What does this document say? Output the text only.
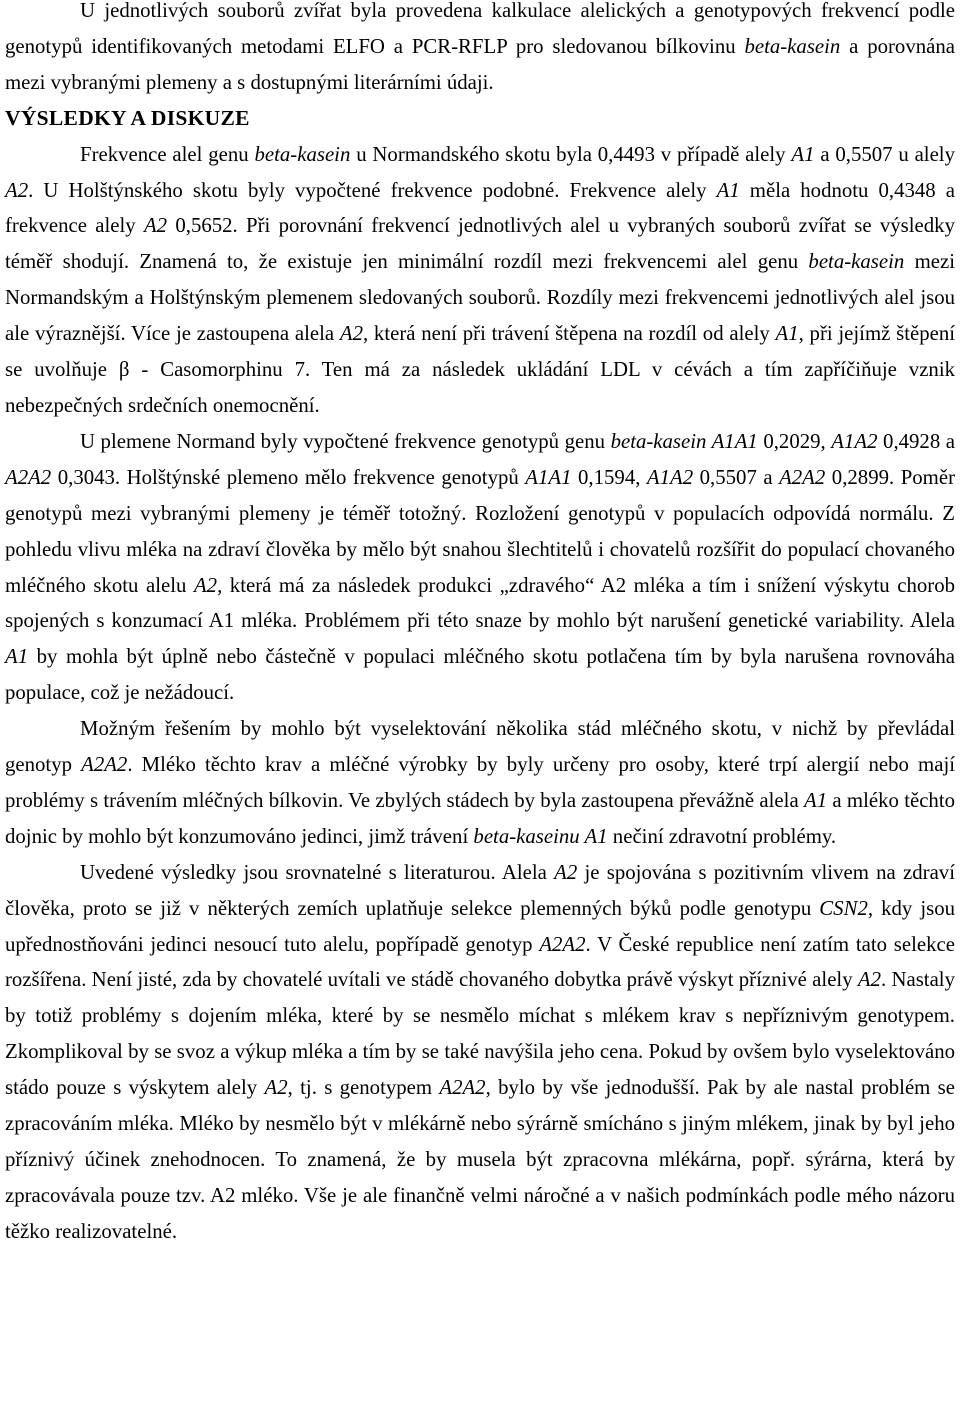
U jednotlivých souborů zvířat byla provedena kalkulace alelických a genotypových frekvencí podle genotypů identifikovaných metodami ELFO a PCR-RFLP pro sledovanou bílkovinu beta-kasein a porovnána mezi vybranými plemeny a s dostupnými literárními údaji.

VÝSLEDKY A DISKUZE

Frekvence alel genu beta-kasein u Normandského skotu byla 0,4493 v případě alely A1 a 0,5507 u alely A2. U Holštýnského skotu byly vypočtené frekvence podobné. Frekvence alely A1 měla hodnotu 0,4348 a frekvence alely A2 0,5652. Při porovnání frekvencí jednotlivých alel u vybraných souborů zvířat se výsledky téměř shodují. Znamená to, že existuje jen minimální rozdíl mezi frekvencemi alel genu beta-kasein mezi Normandským a Holštýnským plemenem sledovaných souborů. Rozdíly mezi frekvencemi jednotlivých alel jsou ale výraznější. Více je zastoupena alela A2, která není při trávení štěpena na rozdíl od alely A1, při jejímž štěpení se uvolňuje β - Casomorphinu 7. Ten má za následek ukládání LDL v cévách a tím zapříčiňuje vznik nebezpečných srdečních onemocnění.

U plemene Normand byly vypočtené frekvence genotypů genu beta-kasein A1A1 0,2029, A1A2 0,4928 a A2A2 0,3043. Holštýnské plemeno mělo frekvence genotypů A1A1 0,1594, A1A2 0,5507 a A2A2 0,2899. Poměr genotypů mezi vybranými plemeny je téměř totožný. Rozložení genotypů v populacích odpovídá normálu. Z pohledu vlivu mléka na zdraví člověka by mělo být snahou šlechtitelů i chovatelů rozšířit do populací chovaného mléčného skotu alelu A2, která má za následek produkci „zdravého“ A2 mléka a tím i snížení výskytu chorob spojených s konzumací A1 mléka. Problémem při této snaze by mohlo být narušení genetické variability. Alela A1 by mohla být úplně nebo částečně v populaci mléčného skotu potlačena tím by byla narušena rovnováha populace, což je nežádoucí.

Možným řešením by mohlo být vyselektování několika stád mléčného skotu, v nichž by převládal genotyp A2A2. Mléko těchto krav a mléčné výrobky by byly určeny pro osoby, které trpí alergií nebo mají problémy s trávením mléčných bílkovin. Ve zbylých stádech by byla zastoupena převážně alela A1 a mléko těchto dojnic by mohlo být konzumováno jedinci, jimž trávení beta-kaseinu A1 nečiní zdravotní problémy.

Uvedené výsledky jsou srovnatelné s literaturou. Alela A2 je spojována s pozitivním vlivem na zdraví člověka, proto se již v některých zemích uplatňuje selekce plemenných býků podle genotypu CSN2, kdy jsou upřednostňováni jedinci nesoucí tuto alelu, popřípadě genotyp A2A2. V České republice není zatím tato selekce rozšířena. Není jisté, zda by chovatelé uvítali ve stádě chovaného dobytka právě výskyt příznivé alely A2. Nastaly by totiž problémy s dojením mléka, které by se nesmělo míchat s mlékem krav s nepříznivým genotypem. Zkomplikoval by se svoz a výkup mléka a tím by se také navýšila jeho cena. Pokud by ovšem bylo vyselektováno stádo pouze s výskytem alely A2, tj. s genotypem A2A2, bylo by vše jednodušší. Pak by ale nastal problém se zpracováním mléka. Mléko by nesmělo být v mlékárně nebo sýrárně smícháno s jiným mlékem, jinak by byl jeho příznivý účinek znehodnocen. To znamená, že by musela být zpracovna mlékárna, popř. sýrárna, která by zpracovávala pouze tzv. A2 mléko. Vše je ale finančně velmi náročné a v našich podmínkách podle mého názoru těžko realizovatelné.
